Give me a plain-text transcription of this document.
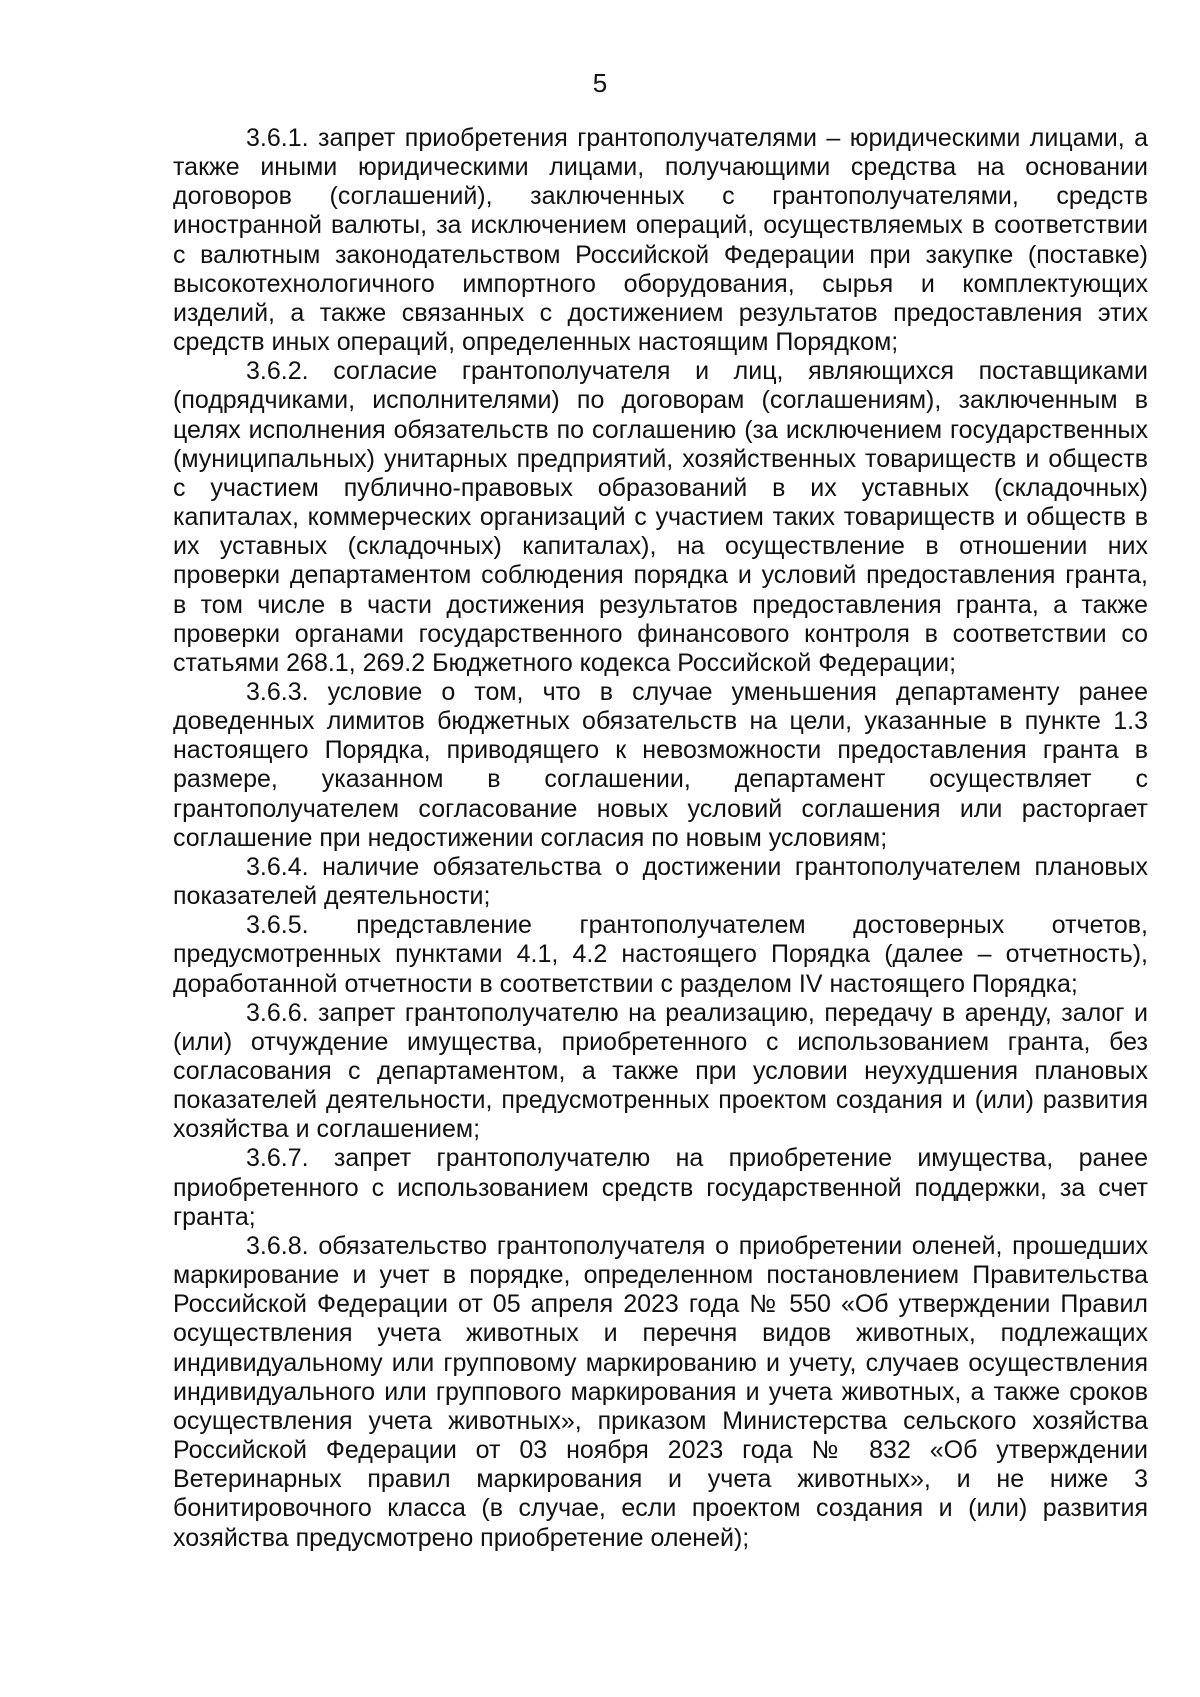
5

3.6.1. запрет приобретения грантополучателями – юридическими лицами, а также иными юридическими лицами, получающими средства на основании договоров (соглашений), заключенных с грантополучателями, средств иностранной валюты, за исключением операций, осуществляемых в соответствии с валютным законодательством Российской Федерации при закупке (поставке) высокотехнологичного импортного оборудования, сырья и комплектующих изделий, а также связанных с достижением результатов предоставления этих средств иных операций, определенных настоящим Порядком;

3.6.2. согласие грантополучателя и лиц, являющихся поставщиками (подрядчиками, исполнителями) по договорам (соглашениям), заключенным в целях исполнения обязательств по соглашению (за исключением государственных (муниципальных) унитарных предприятий, хозяйственных товариществ и обществ с участием публично-правовых образований в их уставных (складочных) капиталах, коммерческих организаций с участием таких товариществ и обществ в их уставных (складочных) капиталах), на осуществление в отношении них проверки департаментом соблюдения порядка и условий предоставления гранта, в том числе в части достижения результатов предоставления гранта, а также проверки органами государственного финансового контроля в соответствии со статьями 268.1, 269.2 Бюджетного кодекса Российской Федерации;

3.6.3. условие о том, что в случае уменьшения департаменту ранее доведенных лимитов бюджетных обязательств на цели, указанные в пункте 1.3 настоящего Порядка, приводящего к невозможности предоставления гранта в размере, указанном в соглашении, департамент осуществляет с грантополучателем согласование новых условий соглашения или расторгает соглашение при недостижении согласия по новым условиям;

3.6.4. наличие обязательства о достижении грантополучателем плановых показателей деятельности;

3.6.5. представление грантополучателем достоверных отчетов, предусмотренных пунктами 4.1, 4.2 настоящего Порядка (далее – отчетность), доработанной отчетности в соответствии с разделом IV настоящего Порядка;

3.6.6. запрет грантополучателю на реализацию, передачу в аренду, залог и (или) отчуждение имущества, приобретенного с использованием гранта, без согласования с департаментом, а также при условии неухудшения плановых показателей деятельности, предусмотренных проектом создания и (или) развития хозяйства и соглашением;

3.6.7. запрет грантополучателю на приобретение имущества, ранее приобретенного с использованием средств государственной поддержки, за счет гранта;

3.6.8. обязательство грантополучателя о приобретении оленей, прошедших маркирование и учет в порядке, определенном постановлением Правительства Российской Федерации от 05 апреля 2023 года № 550 «Об утверждении Правил осуществления учета животных и перечня видов животных, подлежащих индивидуальному или групповому маркированию и учету, случаев осуществления индивидуального или группового маркирования и учета животных, а также сроков осуществления учета животных», приказом Министерства сельского хозяйства Российской Федерации от 03 ноября 2023 года № 832 «Об утверждении Ветеринарных правил маркирования и учета животных», и не ниже 3 бонитировочного класса (в случае, если проектом создания и (или) развития хозяйства предусмотрено приобретение оленей);
